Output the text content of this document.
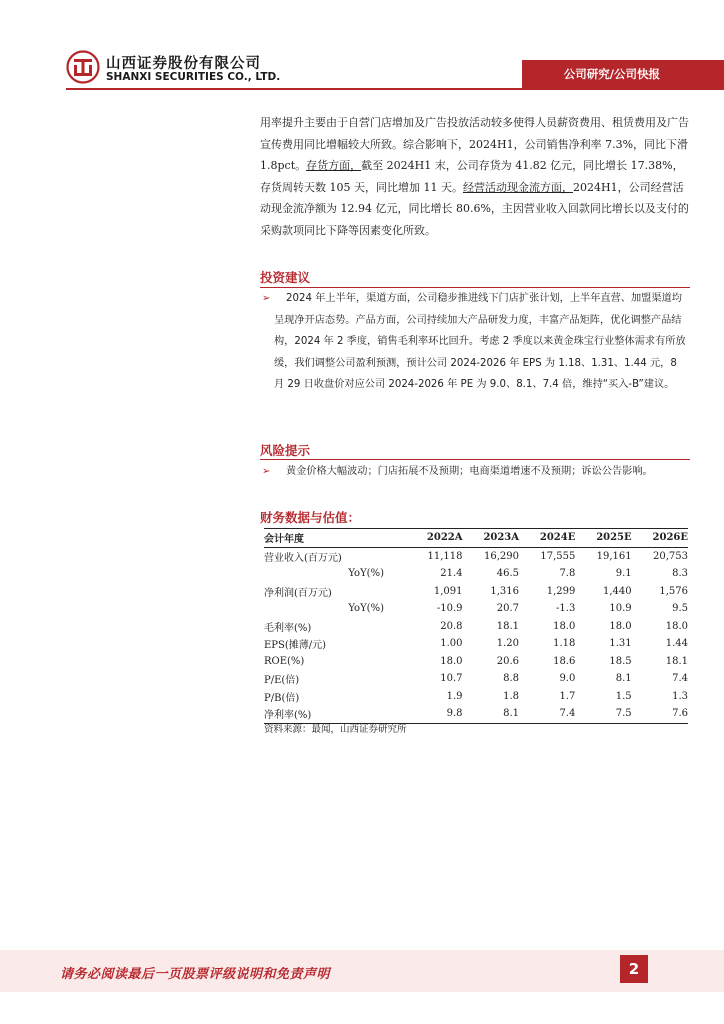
山西证券股份有限公司
SHANXI SECURITIES CO., LTD.	公司研究/公司快报

用率提升主要由于自营门店增加及广告投放活动较多使得人员薪资费用、租赁费用及广告宣传费用同比增幅较大所致。综合影响下，2024H1，公司销售净利率 7.3%，同比下滑 1.8pct。存货方面，截至 2024H1 末，公司存货为 41.82 亿元，同比增长 17.38%，存货周转天数 105 天，同比增加 11 天。经营活动现金流方面，2024H1，公司经营活动现金流净额为 12.94 亿元，同比增长 80.6%，主因营业收入回款同比增长以及支付的采购款项同比下降等因素变化所致。

投资建议
➢	2024 年上半年，渠道方面，公司稳步推进线下门店扩张计划，上半年直营、加盟渠道均呈现净开店态势。产品方面，公司持续加大产品研发力度，丰富产品矩阵，优化调整产品结构，2024 年 2 季度，销售毛利率环比回升。考虑 2 季度以来黄金珠宝行业整体需求有所放缓，我们调整公司盈利预测，预计公司 2024-2026 年 EPS 为 1.18、1.31、1.44 元，8 月 29 日收盘价对应公司 2024-2026 年 PE 为 9.0、8.1、7.4 倍，维持“买入-B”建议。

风险提示
➢	黄金价格大幅波动；门店拓展不及预期；电商渠道增速不及预期；诉讼公告影响。

财务数据与估值：
会计年度	2022A	2023A	2024E	2025E	2026E
营业收入(百万元)	11,118	16,290	17,555	19,161	20,753
YoY(%)	21.4	46.5	7.8	9.1	8.3
净利润(百万元)	1,091	1,316	1,299	1,440	1,576
YoY(%)	-10.9	20.7	-1.3	10.9	9.5
毛利率(%)	20.8	18.1	18.0	18.0	18.0
EPS(摊薄/元)	1.00	1.20	1.18	1.31	1.44
ROE(%)	18.0	20.6	18.6	18.5	18.1
P/E(倍)	10.7	8.8	9.0	8.1	7.4
P/B(倍)	1.9	1.8	1.7	1.5	1.3
净利率(%)	9.8	8.1	7.4	7.5	7.6
资料来源：最闻，山西证券研究所
请务必阅读最后一页股票评级说明和免责声明	2
